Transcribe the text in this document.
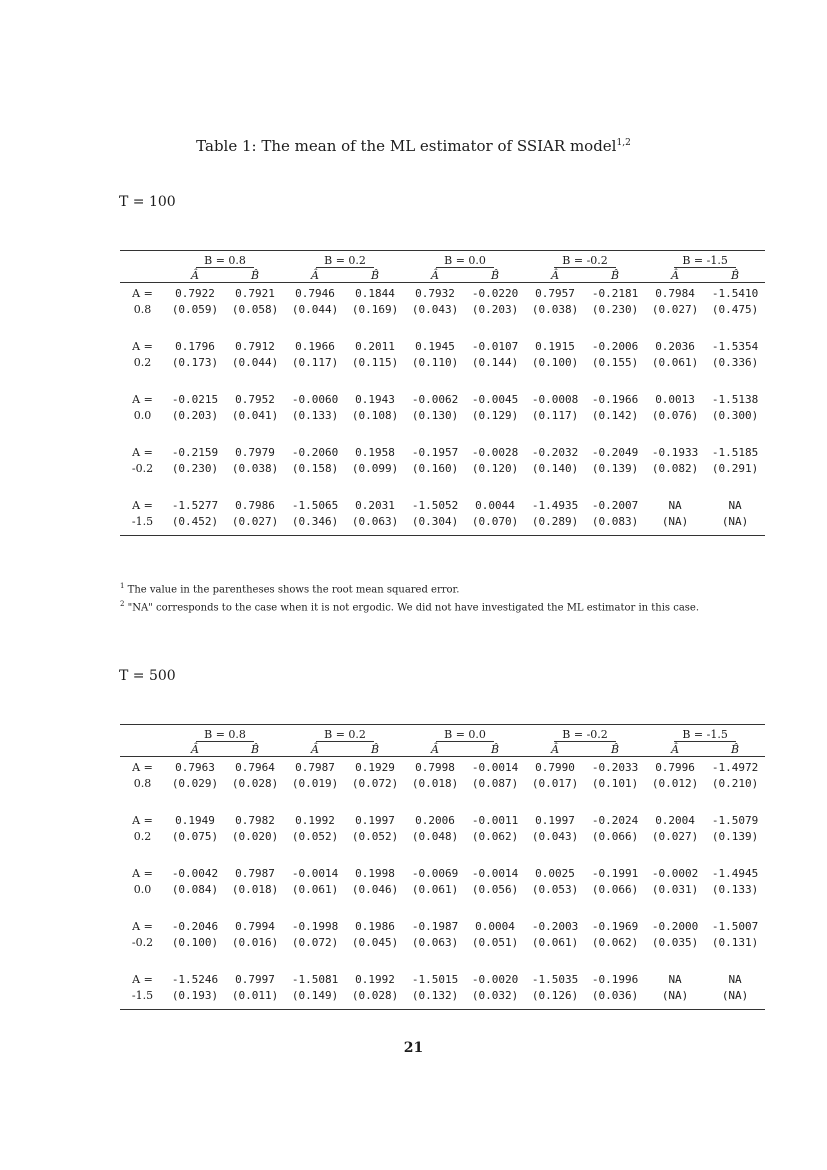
Table 1: The mean of the ML estimator of SSIAR model$^{1,2}$
T = 100
	B = 0.8		B = 0.2		B = 0.0		B = -0.2		B = -1.5	
	Â	B̂	Â	B̂	Â	B̂	Â	B̂	Â	B̂
A =	0.7922	0.7921	0.7946	0.1844	0.7932	-0.0220	0.7957	-0.2181	0.7984	-1.5410
0.8	(0.059)	(0.058)	(0.044)	(0.169)	(0.043)	(0.203)	(0.038)	(0.230)	(0.027)	(0.475)

A =	0.1796	0.7912	0.1966	0.2011	0.1945	-0.0107	0.1915	-0.2006	0.2036	-1.5354
0.2	(0.173)	(0.044)	(0.117)	(0.115)	(0.110)	(0.144)	(0.100)	(0.155)	(0.061)	(0.336)

A =	-0.0215	0.7952	-0.0060	0.1943	-0.0062	-0.0045	-0.0008	-0.1966	0.0013	-1.5138
0.0	(0.203)	(0.041)	(0.133)	(0.108)	(0.130)	(0.129)	(0.117)	(0.142)	(0.076)	(0.300)

A =	-0.2159	0.7979	-0.2060	0.1958	-0.1957	-0.0028	-0.2032	-0.2049	-0.1933	-1.5185
-0.2	(0.230)	(0.038)	(0.158)	(0.099)	(0.160)	(0.120)	(0.140)	(0.139)	(0.082)	(0.291)

A =	-1.5277	0.7986	-1.5065	0.2031	-1.5052	0.0044	-1.4935	-0.2007	NA	NA
-1.5	(0.452)	(0.027)	(0.346)	(0.063)	(0.304)	(0.070)	(0.289)	(0.083)	(NA)	(NA)
$^1$ The value in the parentheses shows the root mean squared error.
$^2$ "NA" corresponds to the case when it is not ergodic. We did not have investigated the ML estimator in this case.
T = 500
	B = 0.8		B = 0.2		B = 0.0		B = -0.2		B = -1.5	
	Â	B̂	Â	B̂	Â	B̂	Â	B̂	Â	B̂
A =	0.7963	0.7964	0.7987	0.1929	0.7998	-0.0014	0.7990	-0.2033	0.7996	-1.4972
0.8	(0.029)	(0.028)	(0.019)	(0.072)	(0.018)	(0.087)	(0.017)	(0.101)	(0.012)	(0.210)

A =	0.1949	0.7982	0.1992	0.1997	0.2006	-0.0011	0.1997	-0.2024	0.2004	-1.5079
0.2	(0.075)	(0.020)	(0.052)	(0.052)	(0.048)	(0.062)	(0.043)	(0.066)	(0.027)	(0.139)

A =	-0.0042	0.7987	-0.0014	0.1998	-0.0069	-0.0014	0.0025	-0.1991	-0.0002	-1.4945
0.0	(0.084)	(0.018)	(0.061)	(0.046)	(0.061)	(0.056)	(0.053)	(0.066)	(0.031)	(0.133)

A =	-0.2046	0.7994	-0.1998	0.1986	-0.1987	0.0004	-0.2003	-0.1969	-0.2000	-1.5007
-0.2	(0.100)	(0.016)	(0.072)	(0.045)	(0.063)	(0.051)	(0.061)	(0.062)	(0.035)	(0.131)

A =	-1.5246	0.7997	-1.5081	0.1992	-1.5015	-0.0020	-1.5035	-0.1996	NA	NA
-1.5	(0.193)	(0.011)	(0.149)	(0.028)	(0.132)	(0.032)	(0.126)	(0.036)	(NA)	(NA)
21
